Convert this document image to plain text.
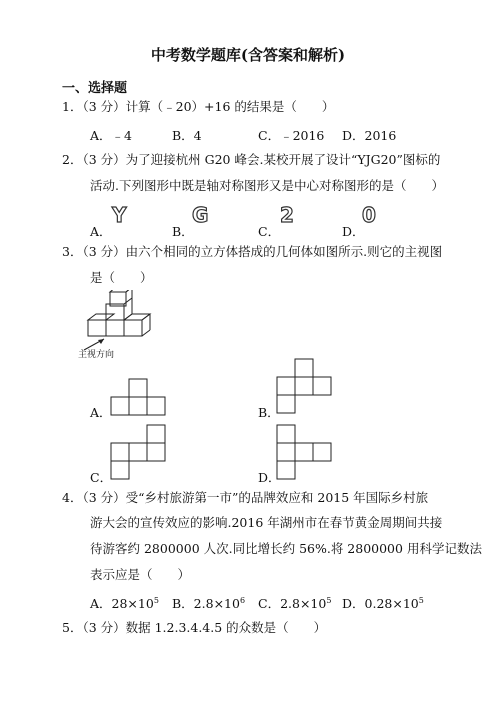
中考数学题库(含答案和解析)
一、选择题
1．（3 分）计算（﹣20）+16 的结果是（　　）
A．﹣4	B．4	C．﹣2016 D．2016
2．（3 分）为了迎接杭州 G20 峰会.某校开展了设计“YJG20”图标的
活动.下列图形中既是轴对称图形又是中心对称图形的是（　　）
A．
Y
B．
G
C．
2
D．
0
3．（3 分）由六个相同的立方体搭成的几何体如图所示.则它的主视图
是（　　）
主视方向
A．	B．
C．	D．
4．（3 分）受“乡村旅游第一市”的品牌效应和 2015 年国际乡村旅
游大会的宣传效应的影响.2016 年湖州市在春节黄金周期间共接
待游客约 2800000 人次.同比增长约 56%.将 2800000 用科学记数法
表示应是（　　）
A．$28\times 10^5$ B．$2.8\times 10^6$ C．$2.8\times 10^5$ D．$0.28\times 10^5$
5．（3 分）数据 1.2.3.4.4.5 的众数是（　　）
